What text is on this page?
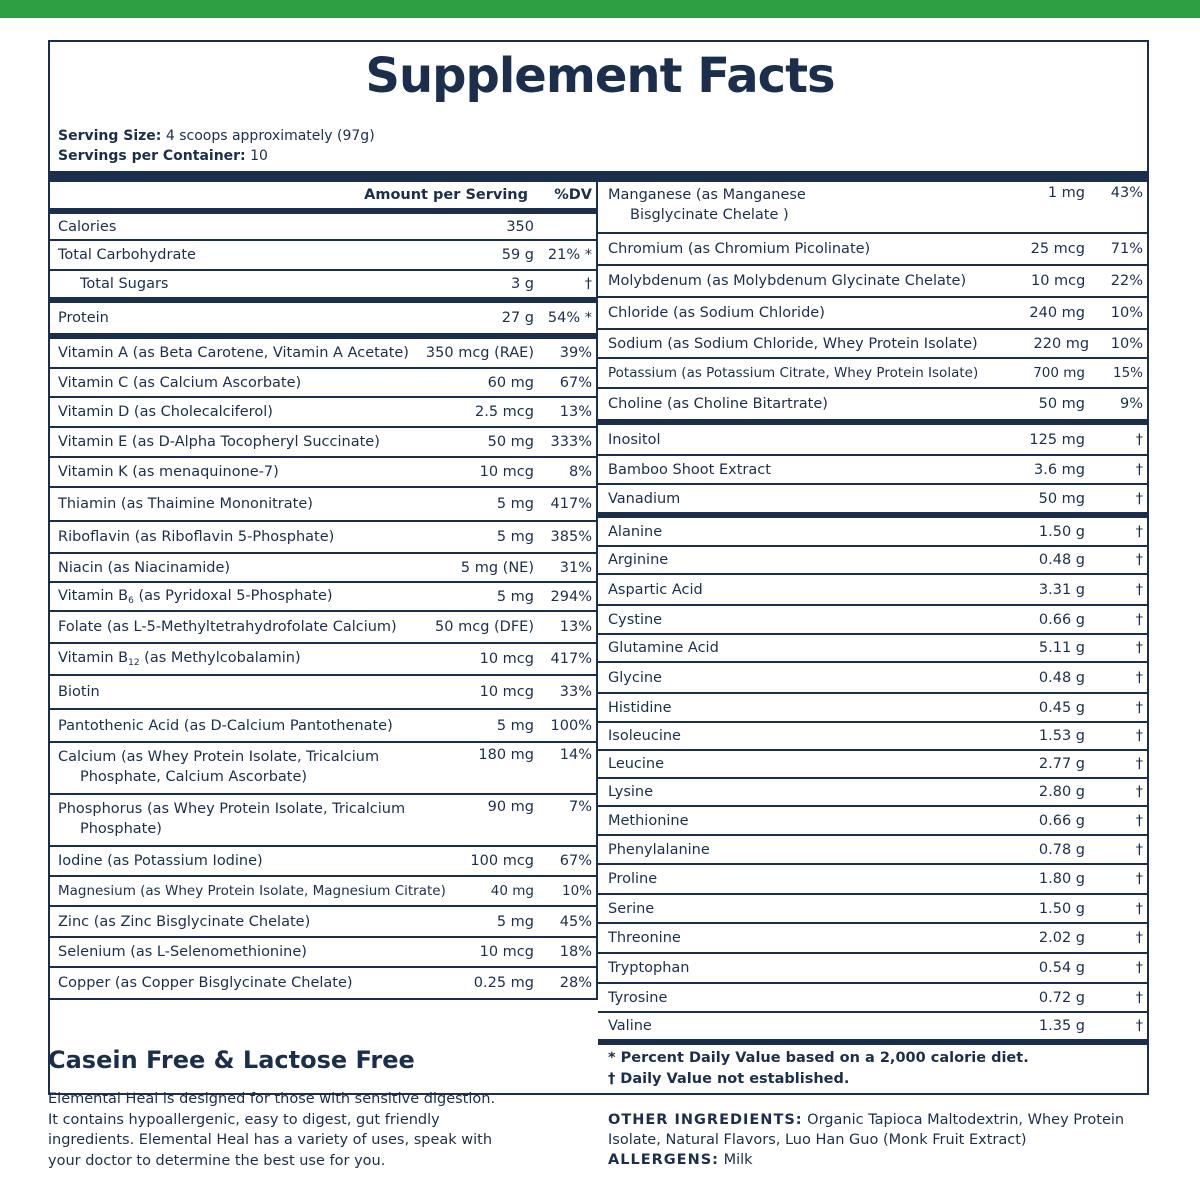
Supplement Facts
Serving Size: 4 scoops approximately (97g)
Servings per Container: 10
Amount per Serving	%DV
Calories	350
Total Carbohydrate	59 g 21% *
Total Sugars	3 g	†
Protein	27 g 54% *
Vitamin A (as Beta Carotene, Vitamin A Acetate)	350 mcg (RAE)	39%
Vitamin C (as Calcium Ascorbate)	60 mg	67%
Vitamin D (as Cholecalciferol)	2.5 mcg	13%
Vitamin E (as D-Alpha Tocopheryl Succinate)	50 mg	333%
Vitamin K (as menaquinone-7)	10 mcg	8%
Thiamin (as Thaimine Mononitrate)	5 mg	417%
Riboflavin (as Riboflavin 5-Phosphate)	5 mg	385%
Niacin (as Niacinamide)	5 mg (NE)	31%
Vitamin $B_6$ (as Pyridoxal 5-Phosphate)	5 mg	294%
Folate (as L-5-Methyltetrahydrofolate Calcium)	50 mcg (DFE)	13%
Vitamin $B_{12}$ (as Methylcobalamin)	10 mcg	417%
Biotin	10 mcg	33%
Pantothenic Acid (as D-Calcium Pantothenate)	5 mg	100%
Calcium (as Whey Protein Isolate, Tricalcium
Phosphate, Calcium Ascorbate)
180 mg	14%
Phosphorus (as Whey Protein Isolate, Tricalcium
Phosphate)
90 mg	7%
Iodine (as Potassium Iodine)	100 mcg	67%
Magnesium (as Whey Protein Isolate, Magnesium Citrate)	40 mg	10%
Zinc (as Zinc Bisglycinate Chelate)	5 mg	45%
Selenium (as L-Selenomethionine)	10 mcg	18%
Copper (as Copper Bisglycinate Chelate)	0.25 mg	28%
Manganese (as Manganese
Bisglycinate Chelate )
1 mg	43%
Chromium (as Chromium Picolinate)	25 mcg	71%
Molybdenum (as Molybdenum Glycinate Chelate)	10 mcg	22%
Chloride (as Sodium Chloride)	240 mg	10%
Sodium (as Sodium Chloride, Whey Protein Isolate)	220 mg	10%
Potassium (as Potassium Citrate, Whey Protein Isolate)	700 mg	15%
Choline (as Choline Bitartrate)	50 mg	9%
Inositol	125 mg	†
Bamboo Shoot Extract	3.6 mg	†
Vanadium	50 mg	†
Alanine	1.50 g	†
Arginine	0.48 g	†
Aspartic Acid	3.31 g	†
Cystine	0.66 g	†
Glutamine Acid	5.11 g	†
Glycine	0.48 g	†
Histidine	0.45 g	†
Isoleucine	1.53 g	†
Leucine	2.77 g	†
Lysine	2.80 g	†
Methionine	0.66 g	†
Phenylalanine	0.78 g	†
Proline	1.80 g	†
Serine	1.50 g	†
Threonine	2.02 g	†
Tryptophan	0.54 g	†
Tyrosine	0.72 g	†
Valine	1.35 g	†
* Percent Daily Value based on a 2,000 calorie diet.
† Daily Value not established.
OTHER INGREDIENTS: Organic Tapioca Maltodextrin, Whey Protein Isolate, Natural Flavors, Luo Han Guo (Monk Fruit Extract)
ALLERGENS: Milk
Casein Free & Lactose Free

Elemental Heal is designed for those with sensitive digestion. It contains hypoallergenic, easy to digest, gut friendly ingredients. Elemental Heal has a variety of uses, speak with your doctor to determine the best use for you.
